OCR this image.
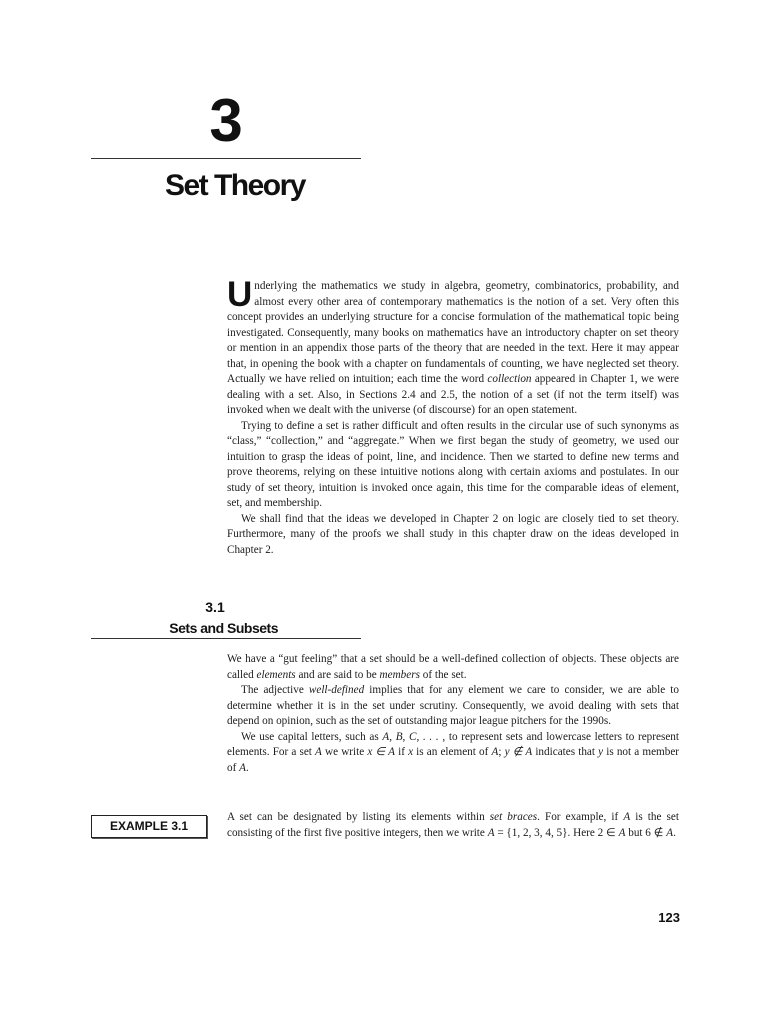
3
Set Theory

Underlying the mathematics we study in algebra, geometry, combinatorics, probability, and almost every other area of contemporary mathematics is the notion of a set. Very often this concept provides an underlying structure for a concise formulation of the mathematical topic being investigated. Consequently, many books on mathematics have an introductory chapter on set theory or mention in an appendix those parts of the theory that are needed in the text. Here it may appear that, in opening the book with a chapter on fundamentals of counting, we have neglected set theory. Actually we have relied on intuition; each time the word collection appeared in Chapter 1, we were dealing with a set. Also, in Sections 2.4 and 2.5, the notion of a set (if not the term itself) was invoked when we dealt with the universe (of discourse) for an open statement.

Trying to define a set is rather difficult and often results in the circular use of such synonyms as “class,” “collection,” and “aggregate.” When we first began the study of geometry, we used our intuition to grasp the ideas of point, line, and incidence. Then we started to define new terms and prove theorems, relying on these intuitive notions along with certain axioms and postulates. In our study of set theory, intuition is invoked once again, this time for the comparable ideas of element, set, and membership.

We shall find that the ideas we developed in Chapter 2 on logic are closely tied to set theory. Furthermore, many of the proofs we shall study in this chapter draw on the ideas developed in Chapter 2.

3.1
Sets and Subsets

We have a “gut feeling” that a set should be a well-defined collection of objects. These objects are called elements and are said to be members of the set.

The adjective well-defined implies that for any element we care to consider, we are able to determine whether it is in the set under scrutiny. Consequently, we avoid dealing with sets that depend on opinion, such as the set of outstanding major league pitchers for the 1990s.

We use capital letters, such as A, B, C, . . . , to represent sets and lowercase letters to represent elements. For a set A we write x ∈ A if x is an element of A; y ∉ A indicates that y is not a member of A.

EXAMPLE 3.1

A set can be designated by listing its elements within set braces. For example, if A is the set consisting of the first five positive integers, then we write A = {1, 2, 3, 4, 5}. Here 2 ∈ A but 6 ∉ A.

123
